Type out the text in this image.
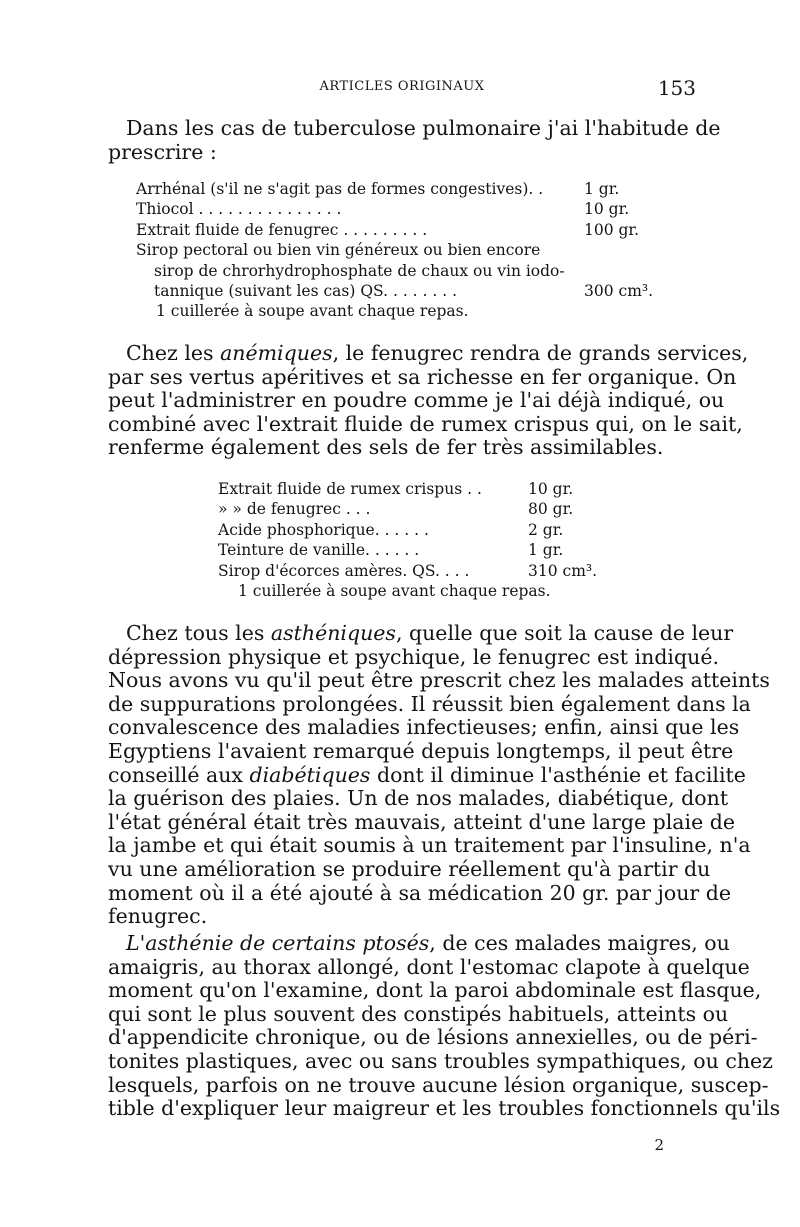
ARTICLES ORIGINAUX	153
Dans les cas de tuberculose pulmonaire j'ai l'habitude de
prescrire :
Arrhénal (s'il ne s'agit pas de formes congestives). .	1 gr.
Thiocol . . . . . . . . . . . . . . .	10 gr.
Extrait fluide de fenugrec . . . . . . . . .	100 gr.
Sirop pectoral ou bien vin généreux ou bien encore
sirop de chrorhydrophosphate de chaux ou vin iodo-
tannique (suivant les cas) QS. . . . . . . .	300 cm³.
1 cuillerée à soupe avant chaque repas.
Chez les anémiques, le fenugrec rendra de grands services,
par ses vertus apéritives et sa richesse en fer organique. On
peut l'administrer en poudre comme je l'ai déjà indiqué, ou
combiné avec l'extrait fluide de rumex crispus qui, on le sait,
renferme également des sels de fer très assimilables.
Extrait fluide de rumex crispus . .	10 gr.
» » de fenugrec . . .	80 gr.
Acide phosphorique. . . . . .	2 gr.
Teinture de vanille. . . . . .	1 gr.
Sirop d'écorces amères. QS. . . .	310 cm³.
1 cuillerée à soupe avant chaque repas.
Chez tous les asthéniques, quelle que soit la cause de leur
dépression physique et psychique, le fenugrec est indiqué.
Nous avons vu qu'il peut être prescrit chez les malades atteints
de suppurations prolongées. Il réussit bien également dans la
convalescence des maladies infectieuses; enfin, ainsi que les
Egyptiens l'avaient remarqué depuis longtemps, il peut être
conseillé aux diabétiques dont il diminue l'asthénie et facilite
la guérison des plaies. Un de nos malades, diabétique, dont
l'état général était très mauvais, atteint d'une large plaie de
la jambe et qui était soumis à un traitement par l'insuline, n'a
vu une amélioration se produire réellement qu'à partir du
moment où il a été ajouté à sa médication 20 gr. par jour de
fenugrec.
L'asthénie de certains ptosés, de ces malades maigres, ou
amaigris, au thorax allongé, dont l'estomac clapote à quelque
moment qu'on l'examine, dont la paroi abdominale est flasque,
qui sont le plus souvent des constipés habituels, atteints ou
d'appendicite chronique, ou de lésions annexielles, ou de péri-
tonites plastiques, avec ou sans troubles sympathiques, ou chez
lesquels, parfois on ne trouve aucune lésion organique, suscep-
tible d'expliquer leur maigreur et les troubles fonctionnels qu'ils
2
